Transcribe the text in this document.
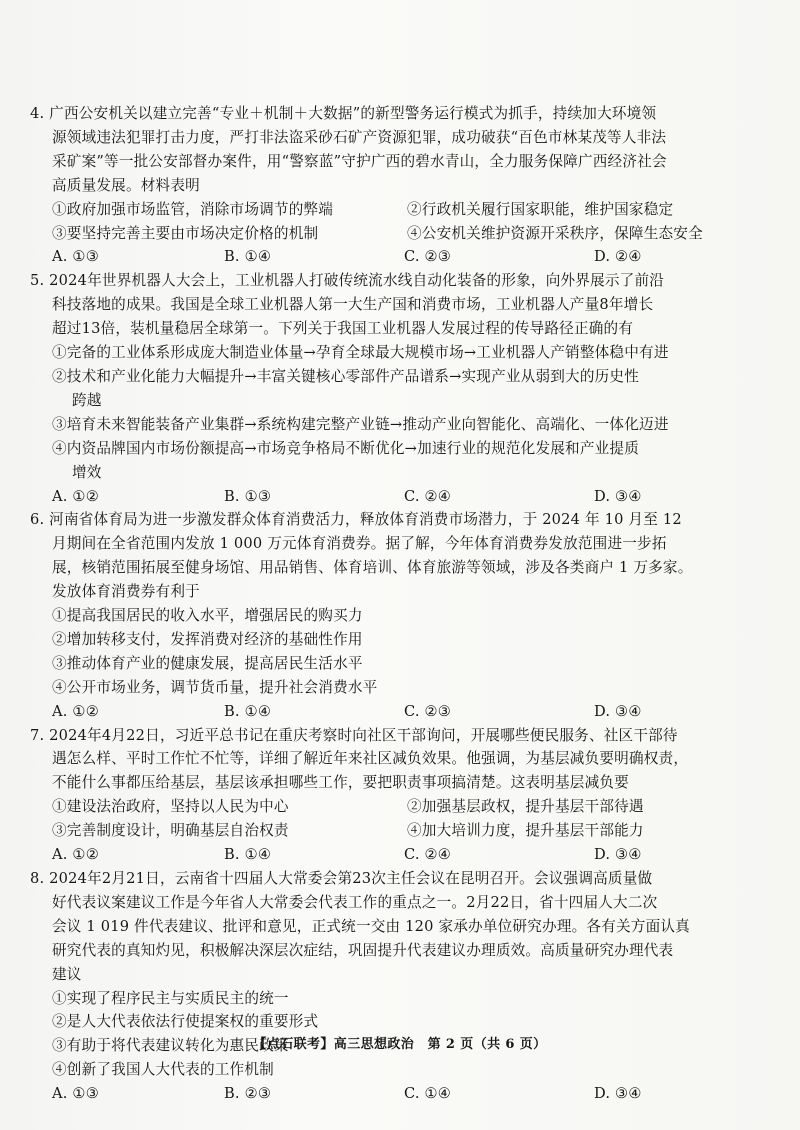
4. 广西公安机关以建立完善“专业＋机制＋大数据”的新型警务运行模式为抓手，持续加大环境领
源领域违法犯罪打击力度，严打非法盗采砂石矿产资源犯罪，成功破获“百色市林某茂等人非法
采矿案”等一批公安部督办案件，用“警察蓝”守护广西的碧水青山，全力服务保障广西经济社会
高质量发展。材料表明
①政府加强市场监管，消除市场调节的弊端	②行政机关履行国家职能，维护国家稳定
③要坚持完善主要由市场决定价格的机制	④公安机关维护资源开采秩序，保障生态安全
A. ①③	B. ①④	C. ②③	D. ②④
5. 2024年世界机器人大会上，工业机器人打破传统流水线自动化装备的形象，向外界展示了前沿
科技落地的成果。我国是全球工业机器人第一大生产国和消费市场，工业机器人产量8年增长
超过13倍，装机量稳居全球第一。下列关于我国工业机器人发展过程的传导路径正确的有
①完备的工业体系形成庞大制造业体量→孕育全球最大规模市场→工业机器人产销整体稳中有进
②技术和产业化能力大幅提升→丰富关键核心零部件产品谱系→实现产业从弱到大的历史性
跨越
③培育未来智能装备产业集群→系统构建完整产业链→推动产业向智能化、高端化、一体化迈进
④内资品牌国内市场份额提高→市场竞争格局不断优化→加速行业的规范化发展和产业提质
增效
A. ①②	B. ①③	C. ②④	D. ③④
6. 河南省体育局为进一步激发群众体育消费活力，释放体育消费市场潜力，于 2024 年 10 月至 12
月期间在全省范围内发放 1 000 万元体育消费券。据了解，今年体育消费券发放范围进一步拓
展，核销范围拓展至健身场馆、用品销售、体育培训、体育旅游等领域，涉及各类商户 1 万多家。
发放体育消费券有利于
①提高我国居民的收入水平，增强居民的购买力
②增加转移支付，发挥消费对经济的基础性作用
③推动体育产业的健康发展，提高居民生活水平
④公开市场业务，调节货币量，提升社会消费水平
A. ①②	B. ①④	C. ②③	D. ③④
7. 2024年4月22日，习近平总书记在重庆考察时向社区干部询问，开展哪些便民服务、社区干部待
遇怎么样、平时工作忙不忙等，详细了解近年来社区减负效果。他强调，为基层减负要明确权责，
不能什么事都压给基层，基层该承担哪些工作，要把职责事项搞清楚。这表明基层减负要
①建设法治政府，坚持以人民为中心	②加强基层政权，提升基层干部待遇
③完善制度设计，明确基层自治权责	④加大培训力度，提升基层干部能力
A. ①②	B. ①④	C. ②④	D. ③④
8. 2024年2月21日，云南省十四届人大常委会第23次主任会议在昆明召开。会议强调高质量做
好代表议案建议工作是今年省人大常委会代表工作的重点之一。2月22日，省十四届人大二次
会议 1 019 件代表建议、批评和意见，正式统一交由 120 家承办单位研究办理。各有关方面认真
研究代表的真知灼见，积极解决深层次症结，巩固提升代表建议办理质效。高质量研究办理代表
建议
①实现了程序民主与实质民主的统一
②是人大代表依法行使提案权的重要形式
③有助于将代表建议转化为惠民政策
④创新了我国人大代表的工作机制
A. ①③	B. ②③	C. ①④	D. ③④
【点石联考】高三思想政治　第 2 页（共 6 页）
